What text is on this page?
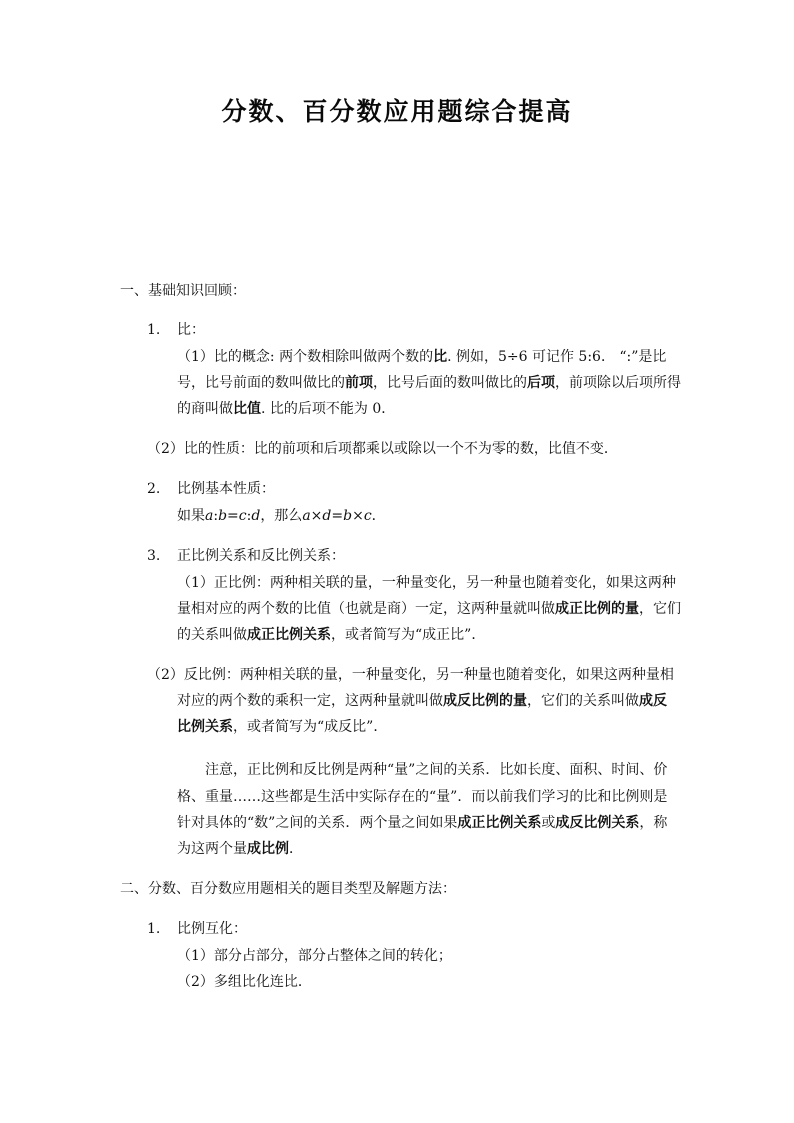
分数、百分数应用题综合提高
一、基础知识回顾：
1. 比：
（1）比的概念: 两个数相除叫做两个数的比. 例如，5÷6 可记作 5:6． “:”是比
号，比号前面的数叫做比的前项，比号后面的数叫做比的后项，前项除以后项所得
的商叫做比值. 比的后项不能为 0．
（2）比的性质：比的前项和后项都乘以或除以一个不为零的数，比值不变．
2. 比例基本性质：
如果a:b=c:d，那么a×d=b×c．
3. 正比例关系和反比例关系：
（1）正比例：两种相关联的量，一种量变化，另一种量也随着变化，如果这两种
量相对应的两个数的比值（也就是商）一定，这两种量就叫做成正比例的量，它们
的关系叫做成正比例关系，或者简写为“成正比”．
（2）反比例：两种相关联的量，一种量变化，另一种量也随着变化，如果这两种量相
对应的两个数的乘积一定，这两种量就叫做成反比例的量，它们的关系叫做成反
比例关系，或者简写为“成反比”．
注意，正比例和反比例是两种“量”之间的关系．比如长度、面积、时间、价
格、重量……这些都是生活中实际存在的“量”．而以前我们学习的比和比例则是
针对具体的“数”之间的关系．两个量之间如果成正比例关系或成反比例关系，称
为这两个量成比例．
二、分数、百分数应用题相关的题目类型及解题方法：
1. 比例互化：
（1）部分占部分，部分占整体之间的转化；
（2）多组比化连比．
